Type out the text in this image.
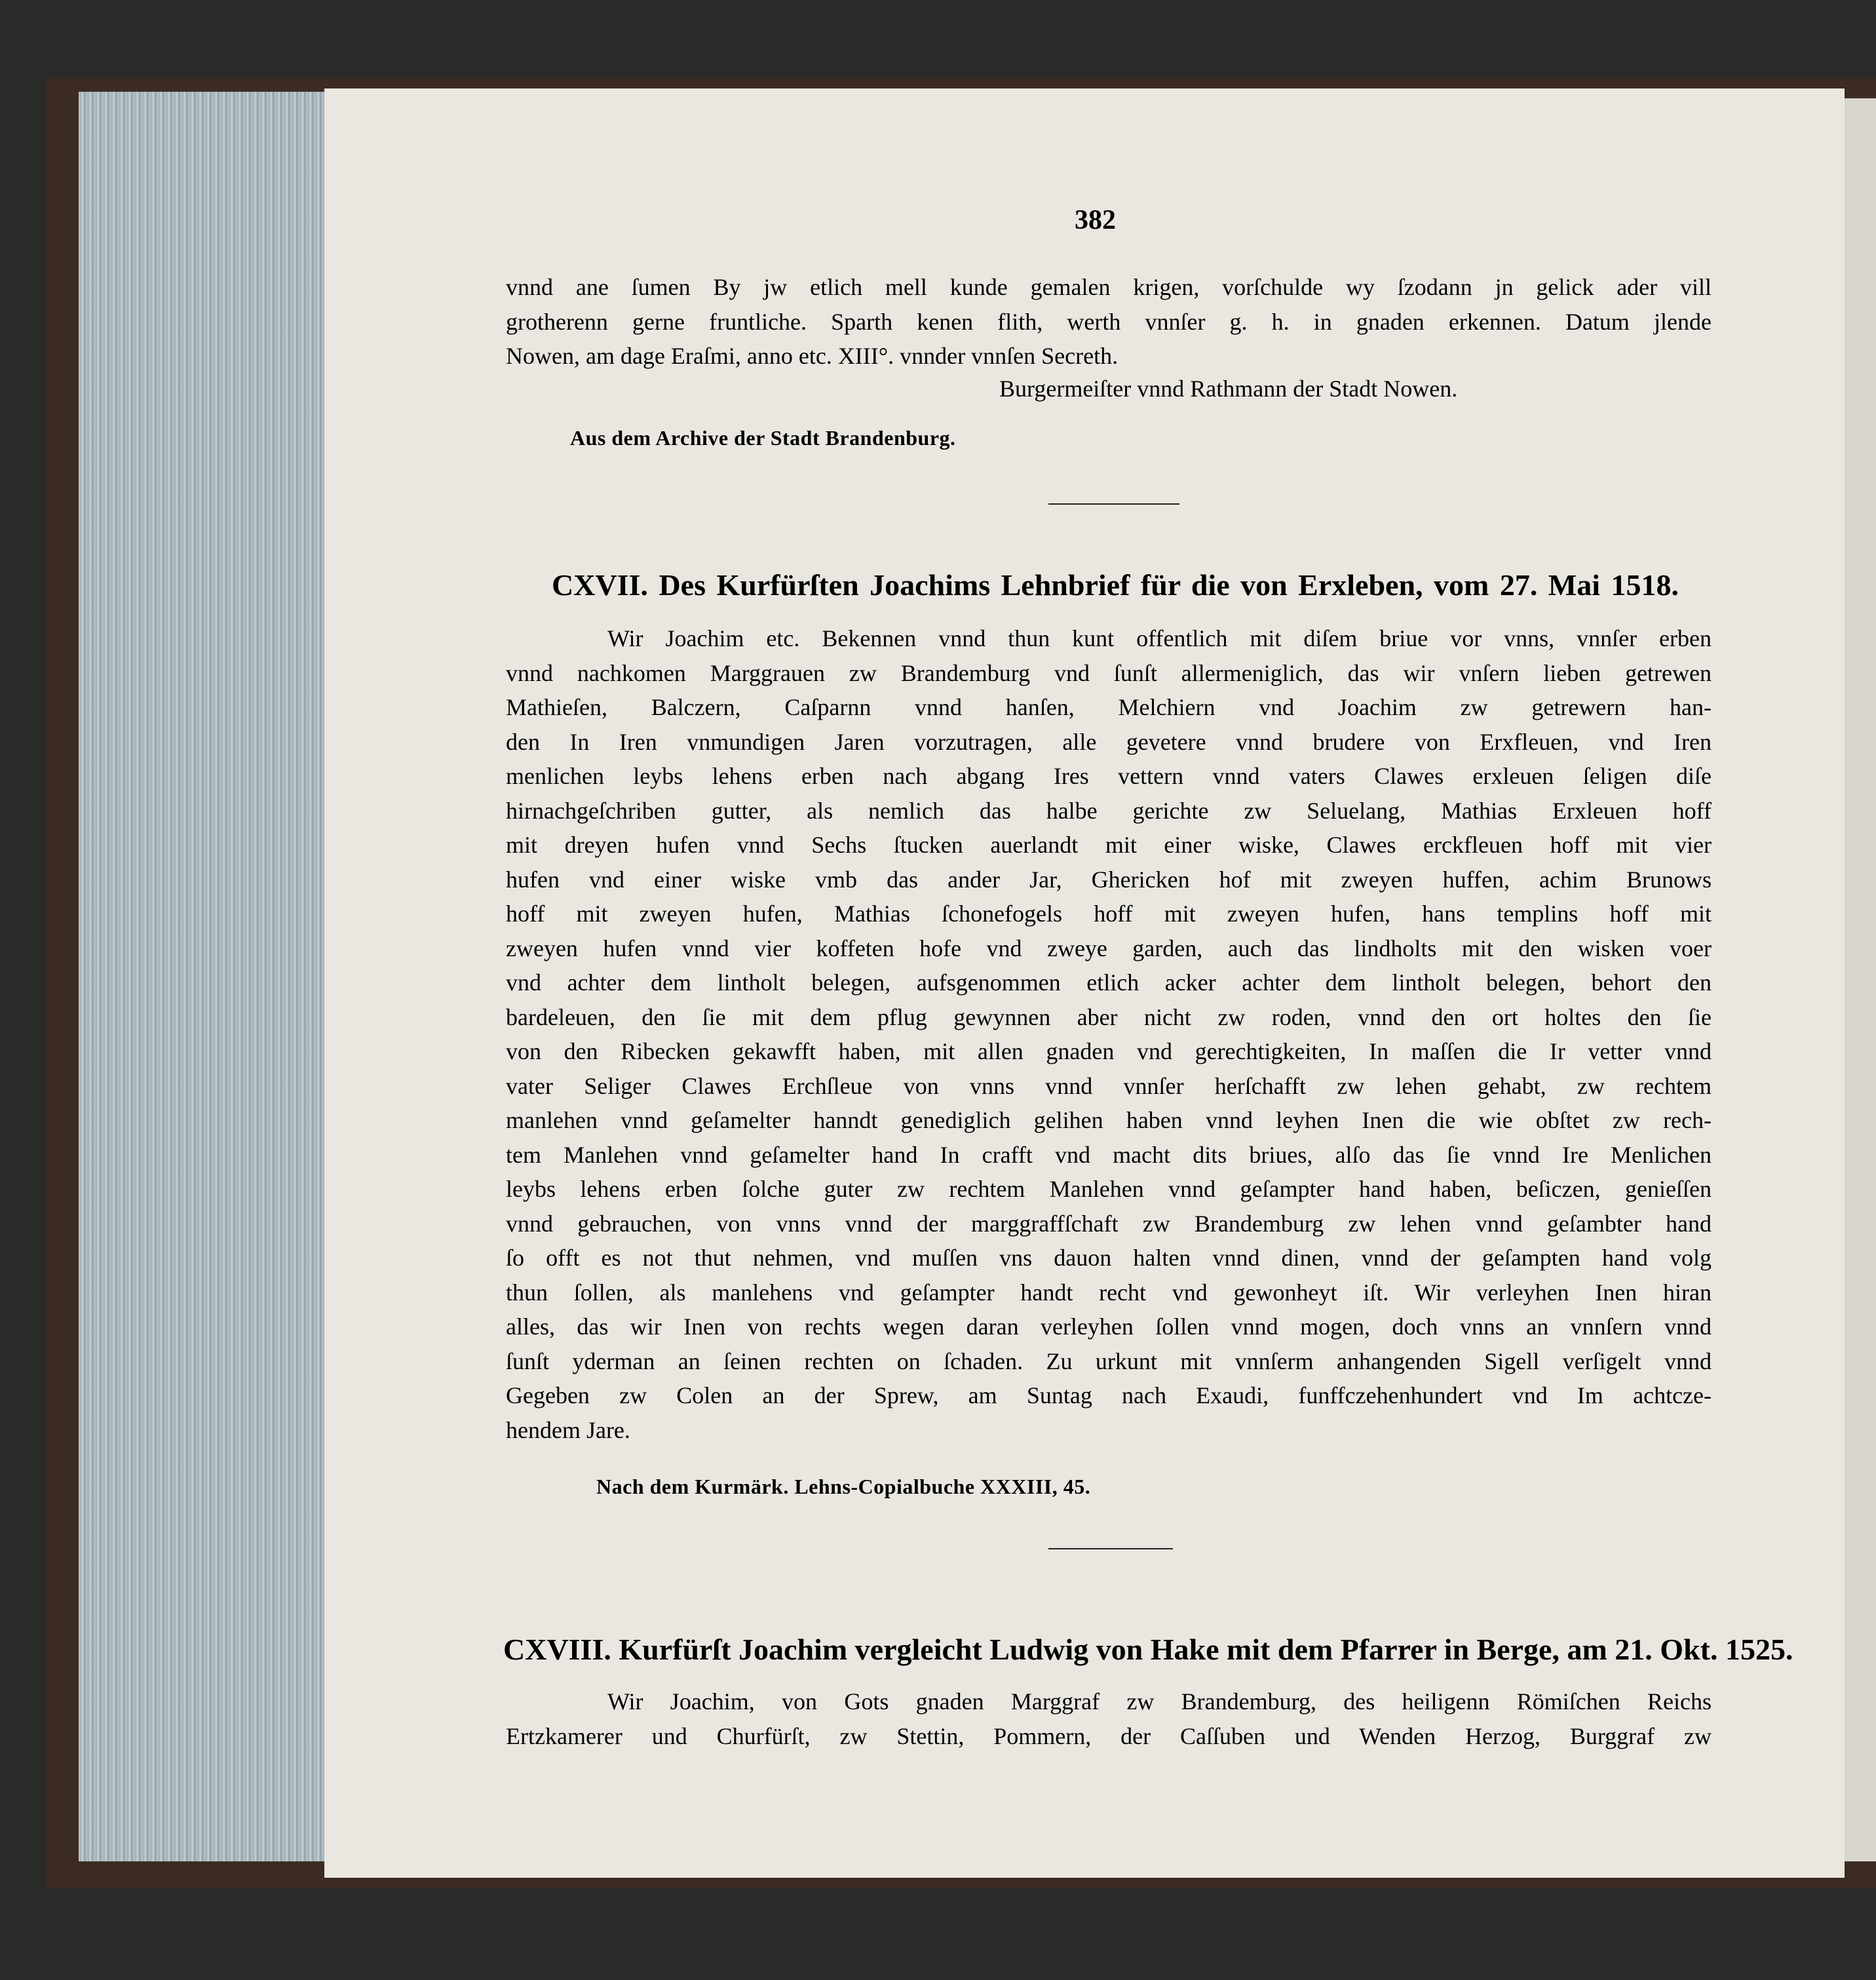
382

vnnd ane ſumen By jw etlich mell kunde gemalen krigen, vorſchulde wy ſzodann jn gelick ader vill

grotherenn gerne fruntliche. Sparth kenen flith, werth vnnſer g. h. in gnaden erkennen. Datum jlende

Nowen, am dage Eraſmi, anno etc. XIII°. vnnder vnnſen Secreth.

Burgermeiſter vnnd Rathmann der Stadt Nowen.
Aus dem Archive der Stadt Brandenburg.
CXVII. Des Kurfürſten Joachims Lehnbrief für die von Erxleben, vom 27. Mai 1518.

Wir Joachim etc. Bekennen vnnd thun kunt offentlich mit diſem briue vor vnns, vnnſer erben

vnnd nachkomen Marggrauen zw Brandemburg vnd ſunſt allermeniglich, das wir vnſern lieben getrewen

Mathieſen, Balczern, Caſparnn vnnd hanſen, Melchiern vnd Joachim zw getrewern han-

den In Iren vnmundigen Jaren vorzutragen, alle gevetere vnnd brudere von Erxfleuen, vnd Iren

menlichen leybs lehens erben nach abgang Ires vettern vnnd vaters Clawes erxleuen ſeligen diſe

hirnachgeſchriben gutter, als nemlich das halbe gerichte zw Seluelang, Mathias Erxleuen hoff

mit dreyen hufen vnnd Sechs ſtucken auerlandt mit einer wiske, Clawes erckfleuen hoff mit vier

hufen vnd einer wiske vmb das ander Jar, Ghericken hof mit zweyen huffen, achim Brunows

hoff mit zweyen hufen, Mathias ſchonefogels hoff mit zweyen hufen, hans templins hoff mit

zweyen hufen vnnd vier koffeten hofe vnd zweye garden, auch das lindholts mit den wisken voer

vnd achter dem lintholt belegen, aufsgenommen etlich acker achter dem lintholt belegen, behort den

bardeleuen, den ſie mit dem pflug gewynnen aber nicht zw roden, vnnd den ort holtes den ſie

von den Ribecken gekawfft haben, mit allen gnaden vnd gerechtigkeiten, In maſſen die Ir vetter vnnd

vater Seliger Clawes Erchſleue von vnns vnnd vnnſer herſchafft zw lehen gehabt, zw rechtem

manlehen vnnd geſamelter hanndt genediglich gelihen haben vnnd leyhen Inen die wie obſtet zw rech-

tem Manlehen vnnd geſamelter hand In crafft vnd macht dits briues, alſo das ſie vnnd Ire Menlichen

leybs lehens erben ſolche guter zw rechtem Manlehen vnnd geſampter hand haben, beſiczen, genieſſen

vnnd gebrauchen, von vnns vnnd der marggraffſchaft zw Brandemburg zw lehen vnnd geſambter hand

ſo offt es not thut nehmen, vnd muſſen vns dauon halten vnnd dinen, vnnd der geſampten hand volg

thun ſollen, als manlehens vnd geſampter handt recht vnd gewonheyt iſt. Wir verleyhen Inen hiran

alles, das wir Inen von rechts wegen daran verleyhen ſollen vnnd mogen, doch vnns an vnnſern vnnd

ſunſt yderman an ſeinen rechten on ſchaden. Zu urkunt mit vnnſerm anhangenden Sigell verſigelt vnnd

Gegeben zw Colen an der Sprew, am Suntag nach Exaudi, funffczehenhundert vnd Im achtcze-

hendem Jare.

Nach dem Kurmärk. Lehns-Copialbuche XXXIII, 45.
CXVIII. Kurfürſt Joachim vergleicht Ludwig von Hake mit dem Pfarrer in Berge, am 21. Okt. 1525.

Wir Joachim, von Gots gnaden Marggraf zw Brandemburg, des heiligenn Römiſchen Reichs

Ertzkamerer und Churfürſt, zw Stettin, Pommern, der Caſſuben und Wenden Herzog, Burggraf zw
